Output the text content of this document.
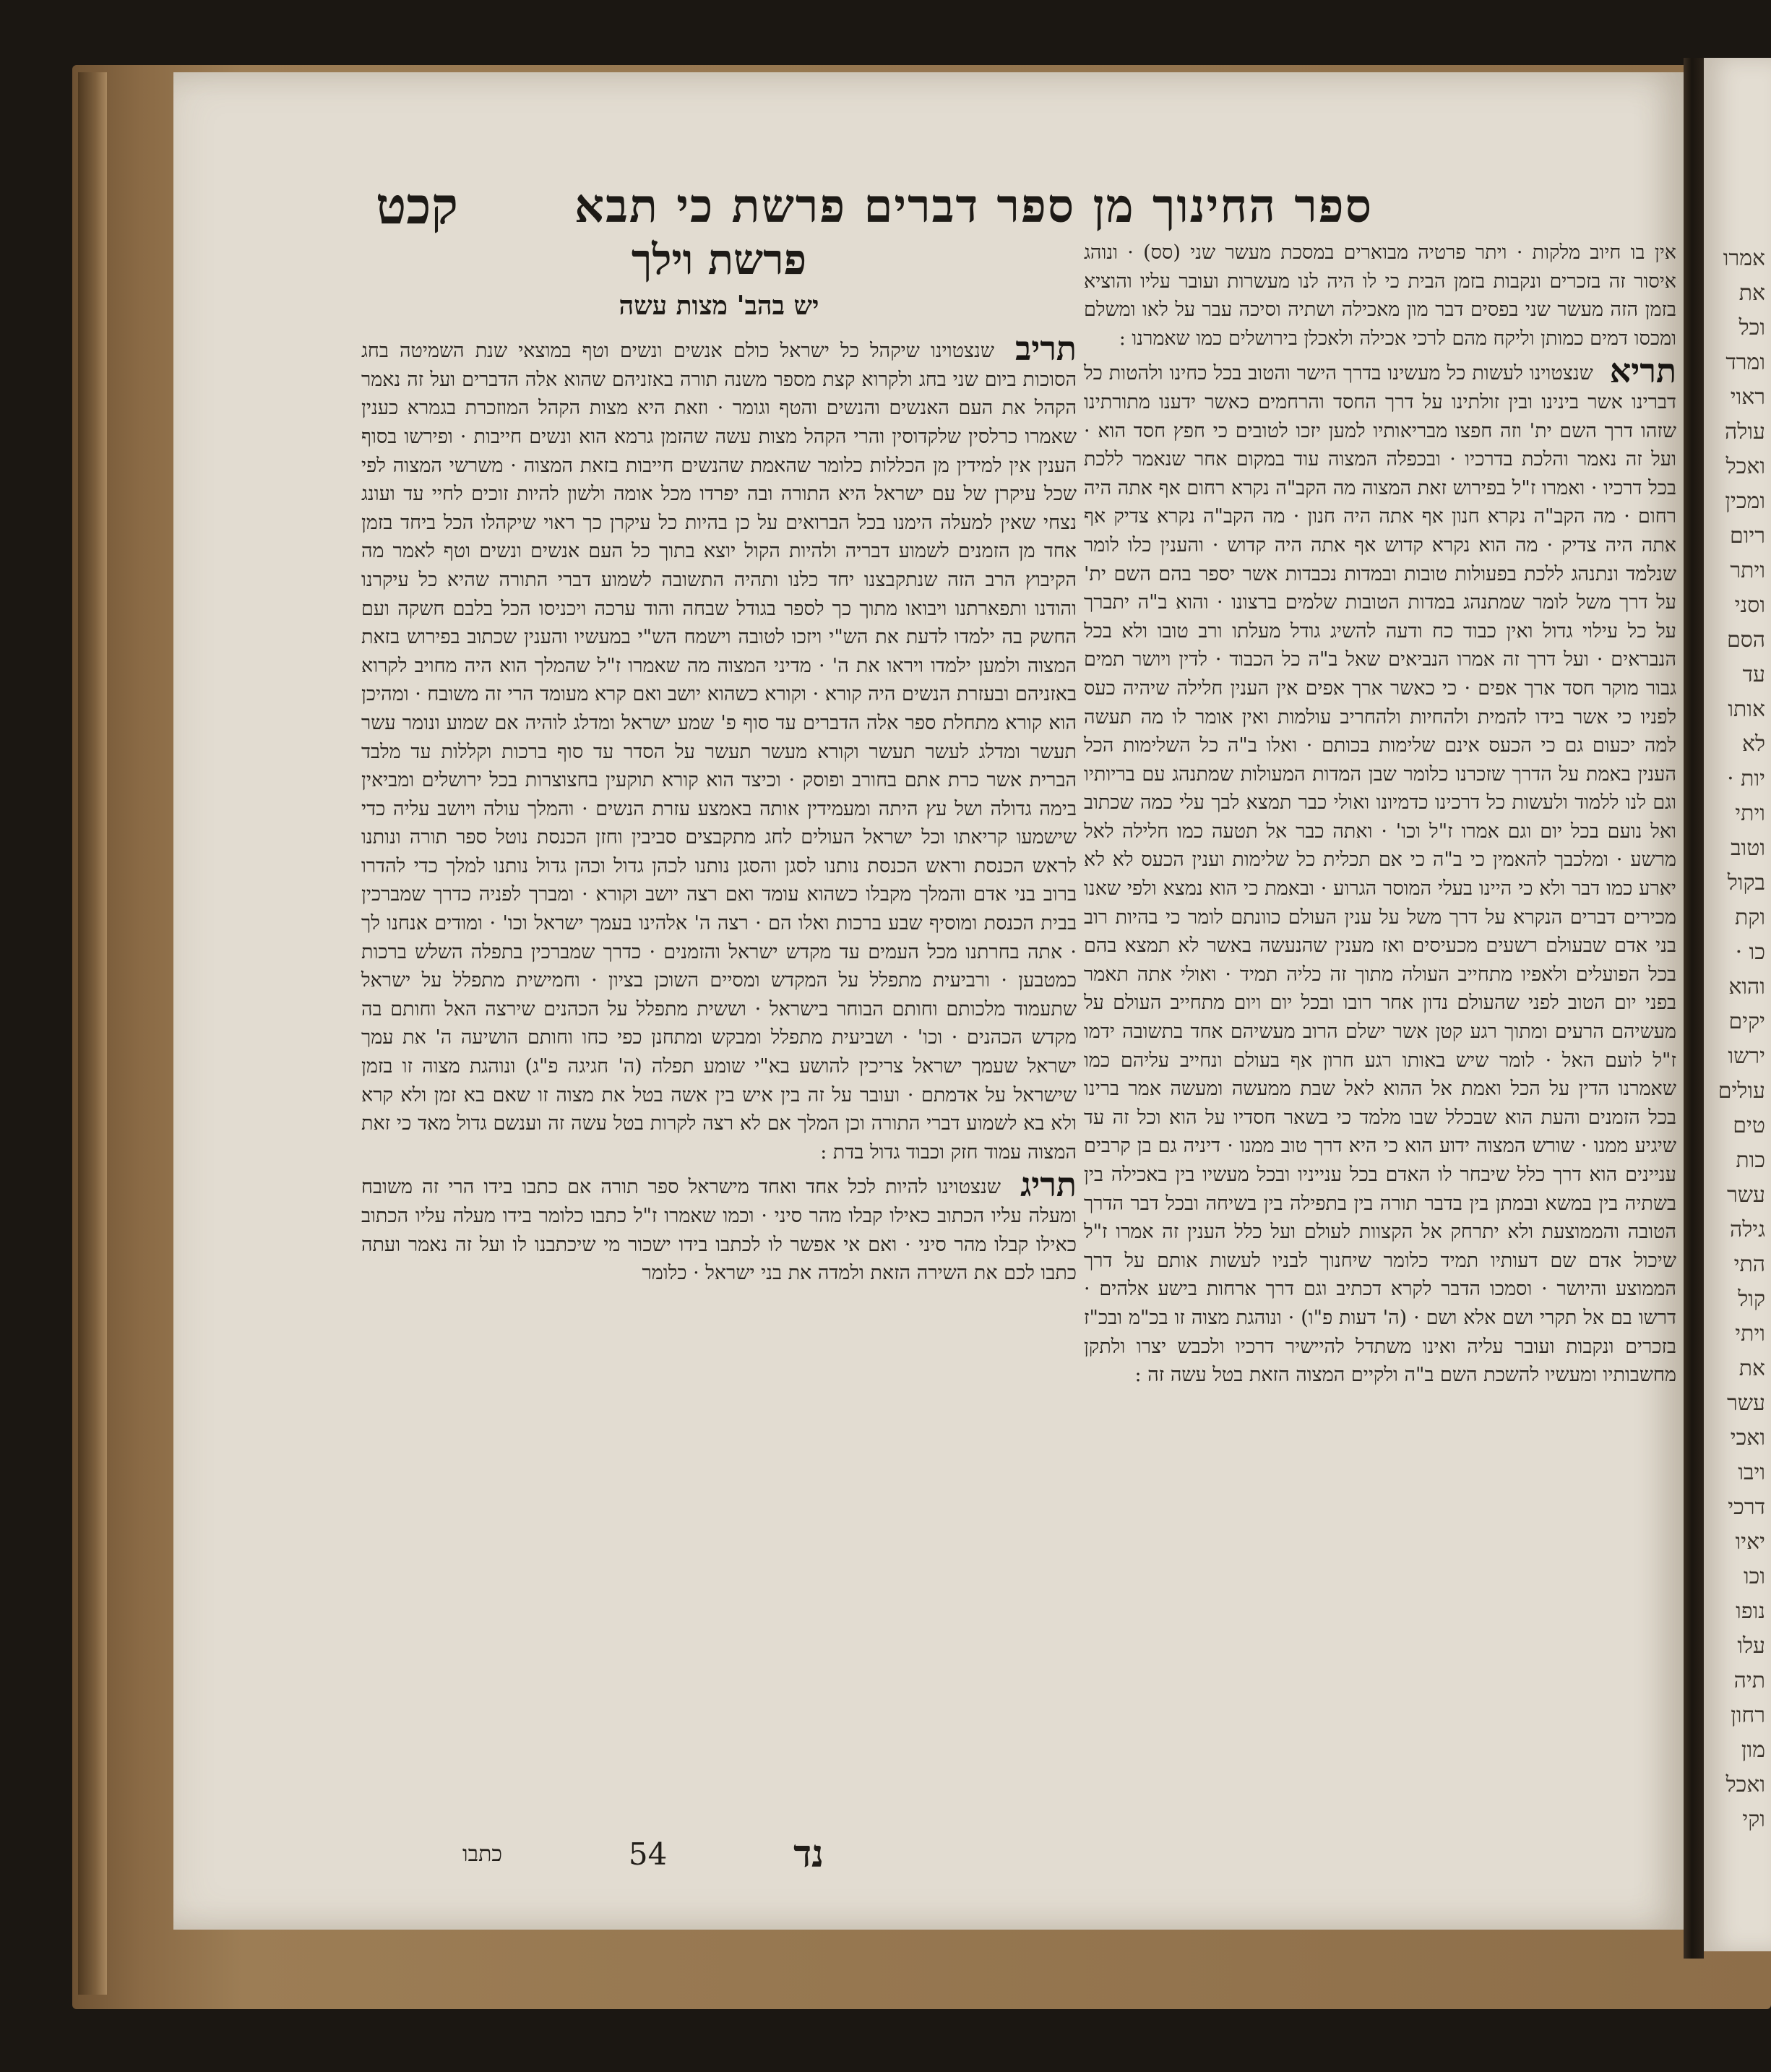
אמרו
את
וכל
ומרד
ראוי
עולה
ואכל
ומכין
ריום
ויתר
וסני
הסם
עד
אותו
לא
יות ·
ויתי
וטוב
בקול
וקת
כו ·
והוא
יקים
ירשו
עולים
טים
כות
עשר
גילה
התי
קול
ויתי
את
עשר
ואכי
ויבו
דרכי
יאיו
וכו
נופו
עלו
תיה
רחון
מון
ואכל
וקי
ספר החינוך מן ספר דברים פרשת כי תבא
קכט

אין בו חיוב מלקות · ויתר פרטיה מבוארים במסכת מעשר שני (סס) · ונוהג איסור זה בזכרים ונקבות בזמן הבית כי לו היה לנו מעשרות ועובר עליו והוציא בזמן הזה מעשר שני בפסים דבר מון מאכילה ושתיה וסיכה עבר על לאו ומשלם ומכסו דמים כמותן וליקח מהם לרכי אכילה ולאכלן בירושלים כמו שאמרנו :

תריא שנצטוינו לעשות כל מעשינו בדרך הישר והטוב בכל כחינו ולהטות כל דברינו אשר בינינו ובין זולתינו על דרך החסד והרחמים כאשר ידענו מתורתינו שזהו דרך השם ית' וזה חפצו מבריאותיו למען יזכו לטובים כי חפץ חסד הוא · ועל זה נאמר והלכת בדרכיו · ובכפלה המצוה עוד במקום אחר שנאמר ללכת בכל דרכיו · ואמרו ז"ל בפירוש זאת המצוה מה הקב"ה נקרא רחום אף אתה היה רחום · מה הקב"ה נקרא חנון אף אתה היה חנון · מה הקב"ה נקרא צדיק אף אתה היה צדיק · מה הוא נקרא קדוש אף אתה היה קדוש · והענין כלו לומר שנלמד ונתנהג ללכת בפעולות טובות ובמדות נכבדות אשר יספר בהם השם ית' על דרך משל לומר שמתנהג במדות הטובות שלמים ברצונו · והוא ב"ה יתברך על כל עילוי גדול ואין כבוד כח ודעה להשיג גודל מעלתו ורב טובו ולא בכל הנבראים · ועל דרך זה אמרו הנביאים שאל ב"ה כל הכבוד · לדין ויושר תמים גבור מוקר חסד ארך אפים · כי כאשר ארך אפים אין הענין חלילה שיהיה כעס לפניו כי אשר בידו להמית ולהחיות ולהחריב עולמות ואין אומר לו מה תעשה למה יכעום גם כי הכעס אינם שלימות בכותם · ואלו ב"ה כל השלימות הכל הענין באמת על הדרך שזכרנו כלומר שבן המדות המעולות שמתנהג עם בריותיו וגם לנו ללמוד ולעשות כל דרכינו כדמיונו ואולי כבר תמצא לבך עלי כמה שכתוב ואל נועם בכל יום וגם אמרו ז"ל וכו' · ואתה כבר אל תטעה כמו חלילה לאל מרשע · ומלכבך להאמין כי ב"ה כי אם תכלית כל שלימות וענין הכעס לא לא יארע כמו דבר ולא כי היינו בעלי המוסר הגרוע · ובאמת כי הוא נמצא ולפי שאנו מכירים דברים הנקרא על דרך משל על ענין העולם כוונתם לומר כי בהיות רוב בני אדם שבעולם רשעים מכעיסים ואז מענין שהנעשה באשר לא תמצא בהם בכל הפועלים ולאפיו מתחייב העולה מתוך זה כליה תמיד · ואולי אתה תאמר בפני יום הטוב לפני שהעולם נדון אחר רובו ובכל יום ויום מתחייב העולם על מעשיהם הרעים ומתוך רגע קטן אשר ישלם הרוב מעשיהם אחד בתשובה ידמו ז"ל לועם האל · לומר שיש באותו רגע חרון אף בעולם ונחייב עליהם כמו שאמרנו הדין על הכל ואמת אל ההוא לאל שבת ממעשה ומעשה אמר ברינו בכל הזמנים והעת הוא שבכלל שבו מלמד כי בשאר חסדיו על הוא וכל זה עד שיגיע ממנו · שורש המצוה ידוע הוא כי היא דרך טוב ממנו · דיניה גם בן קרבים עניינים הוא דרך כלל שיבחר לו האדם בכל ענייניו ובכל מעשיו בין באכילה בין בשתיה בין במשא ובמתן בין בדבר תורה בין בתפילה בין בשיחה ובכל דבר הדרך הטובה והממוצעת ולא יתרחק אל הקצוות לעולם ועל כלל הענין זה אמרו ז"ל שיכול אדם שם דעותיו תמיד כלומר שיחנוך לבניו לעשות אותם על דרך הממוצע והיושר · וסמכו הדבר לקרא דכתיב וגם דרך ארחות בישע אלהים · דרשו בם אל תקרי ושם אלא ושם · (ה' דעות פ"ו) · ונוהגת מצוה זו בכ"מ ובכ"ז בזכרים ונקבות ועובר עליה ואינו משתדל להיישיר דרכיו ולכבש יצרו ולתקן מחשבותיו ומעשיו להשכת השם ב"ה ולקיים המצוה הזאת בטל עשה זה :

פרשת וילך
יש בהב' מצות עשה

תריב שנצטוינו שיקהל כל ישראל כולם אנשים ונשים וטף במוצאי שנת השמיטה בחג הסוכות ביום שני בחג ולקרוא קצת מספר משנה תורה באזניהם שהוא אלה הדברים ועל זה נאמר הקהל את העם האנשים והנשים והטף וגומר · וזאת היא מצות הקהל המוזכרת בגמרא כענין שאמרו כרלסין שלקדוסין והרי הקהל מצות עשה שהזמן גרמא הוא ונשים חייבות · ופירשו בסוף הענין אין למידין מן הכללות כלומר שהאמת שהנשים חייבות בזאת המצוה · משרשי המצוה לפי שכל עיקרן של עם ישראל היא התורה ובה יפרדו מכל אומה ולשון להיות זוכים לחיי עד ועונג נצחי שאין למעלה הימנו בכל הברואים על כן בהיות כל עיקרן כך ראוי שיקהלו הכל ביחד בזמן אחד מן הזמנים לשמוע דבריה ולהיות הקול יוצא בתוך כל העם אנשים ונשים וטף לאמר מה הקיבוץ הרב הזה שנתקבצנו יחד כלנו ותהיה התשובה לשמוע דברי התורה שהיא כל עיקרנו והודנו ותפארתנו ויבואו מתוך כך לספר בגודל שבחה והוד ערכה ויכניסו הכל בלבם חשקה ועם החשק בה ילמדו לדעת את הש"י ויזכו לטובה וישמח הש"י במעשיו והענין שכתוב בפירוש בזאת המצוה ולמען ילמדו ויראו את ה' · מדיני המצוה מה שאמרו ז"ל שהמלך הוא היה מחויב לקרוא באזניהם ובעזרת הנשים היה קורא · וקורא כשהוא יושב ואם קרא מעומד הרי זה משובח · ומהיכן הוא קורא מתחלת ספר אלה הדברים עד סוף פ' שמע ישראל ומדלג לוהיה אם שמוע ונומר עשר תעשר ומדלג לעשר תעשר וקורא מעשר תעשר על הסדר עד סוף ברכות וקללות עד מלבד הברית אשר כרת אתם בחורב ופוסק · וכיצד הוא קורא תוקעין בחצוצרות בכל ירושלים ומביאין בימה גדולה ושל עץ היתה ומעמידין אותה באמצע עזרת הנשים · והמלך עולה ויושב עליה כדי שישמעו קריאתו וכל ישראל העולים לחג מתקבצים סביבין וחזן הכנסת נוטל ספר תורה ונותנו לראש הכנסת וראש הכנסת נותנו לסגן והסגן נותנו לכהן גדול וכהן גדול נותנו למלך כדי להדרו ברוב בני אדם והמלך מקבלו כשהוא עומד ואם רצה יושב וקורא · ומברך לפניה כדרך שמברכין בבית הכנסת ומוסיף שבע ברכות ואלו הם · רצה ה' אלהינו בעמך ישראל וכו' · ומודים אנחנו לך · אתה בחרתנו מכל העמים עד מקדש ישראל והזמנים · כדרך שמברכין בתפלה השלש ברכות כמטבען · ורביעית מתפלל על המקדש ומסיים השוכן בציון · וחמישית מתפלל על ישראל שתעמוד מלכותם וחותם הבוחר בישראל · וששית מתפלל על הכהנים שירצה האל וחותם בה מקדש הכהנים · וכו' · ושביעית מתפלל ומבקש ומתחנן כפי כחו וחותם הושיעה ה' את עמך ישראל שעמך ישראל צריכין להושע בא"י שומע תפלה (ה' חגיגה פ"ג) ונוהגת מצוה זו בזמן שישראל על אדמתם · ועובר על זה בין איש בין אשה בטל את מצוה זו שאם בא זמן ולא קרא ולא בא לשמוע דברי התורה וכן המלך אם לא רצה לקרות בטל עשה זה וענשם גדול מאד כי זאת המצוה עמוד חזק וכבוד גדול בדת :

תריג שנצטוינו להיות לכל אחד ואחד מישראל ספר תורה אם כתבו בידו הרי זה משובח ומעלה עליו הכתוב כאילו קבלו מהר סיני · וכמו שאמרו ז"ל כתבו כלומר בידו מעלה עליו הכתוב כאילו קבלו מהר סיני · ואם אי אפשר לו לכתבו בידו ישכור מי שיכתבנו לו ועל זה נאמר ועתה כתבו לכם את השירה הזאת ולמדה את בני ישראל · כלומר

נד
54
כתבו
